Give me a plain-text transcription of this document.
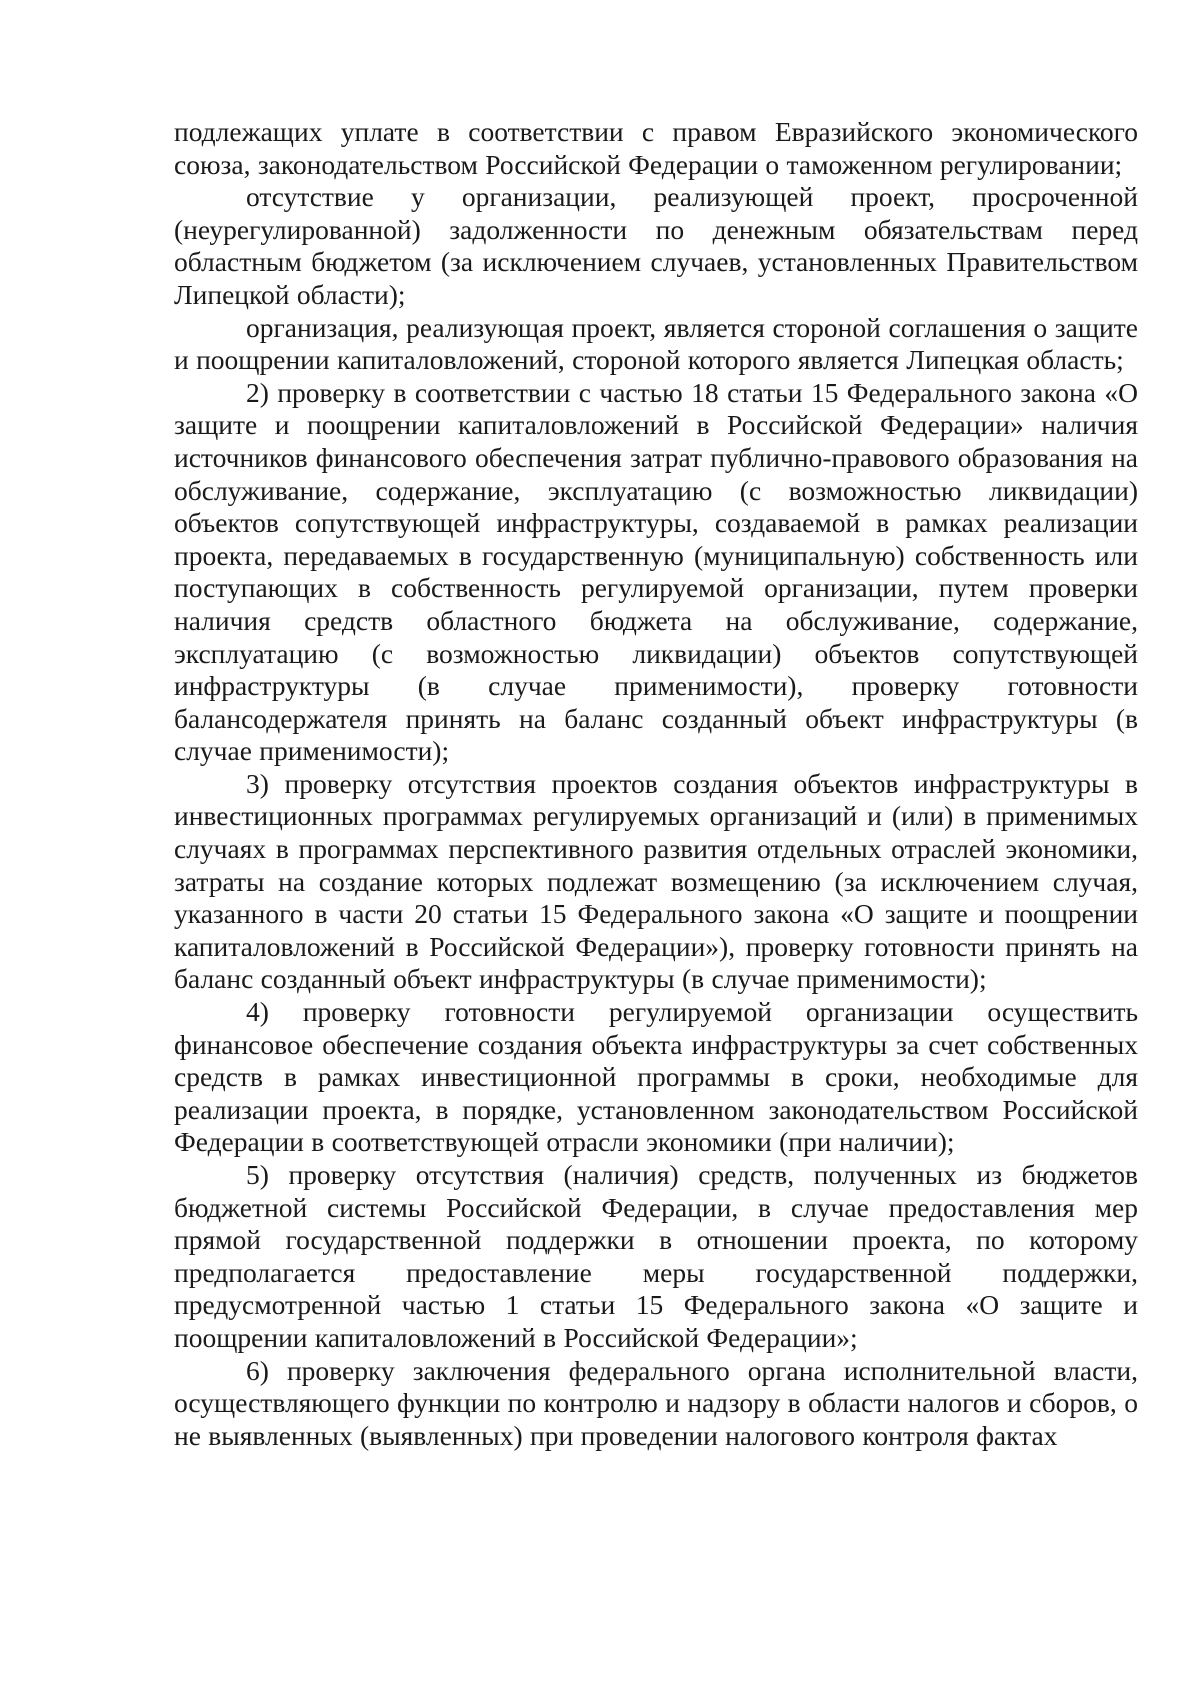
подлежащих уплате в соответствии с правом Евразийского экономического союза, законодательством Российской Федерации о таможенном регулировании;

отсутствие у организации, реализующей проект, просроченной (неурегулированной) задолженности по денежным обязательствам перед областным бюджетом (за исключением случаев, установленных Правительством Липецкой области);

организация, реализующая проект, является стороной соглашения о защите и поощрении капиталовложений, стороной которого является Липецкая область;

2) проверку в соответствии с частью 18 статьи 15 Федерального закона «О защите и поощрении капиталовложений в Российской Федерации» наличия источников финансового обеспечения затрат публично-правового образования на обслуживание, содержание, эксплуатацию (с возможностью ликвидации) объектов сопутствующей инфраструктуры, создаваемой в рамках реализации проекта, передаваемых в государственную (муниципальную) собственность или поступающих в собственность регулируемой организации, путем проверки наличия средств областного бюджета на обслуживание, содержание, эксплуатацию (с возможностью ликвидации) объектов сопутствующей инфраструктуры (в случае применимости), проверку готовности балансодержателя принять на баланс созданный объект инфраструктуры (в случае применимости);

3) проверку отсутствия проектов создания объектов инфраструктуры в инвестиционных программах регулируемых организаций и (или) в применимых случаях в программах перспективного развития отдельных отраслей экономики, затраты на создание которых подлежат возмещению (за исключением случая, указанного в части 20 статьи 15 Федерального закона «О защите и поощрении капиталовложений в Российской Федерации»), проверку готовности принять на баланс созданный объект инфраструктуры (в случае применимости);

4) проверку готовности регулируемой организации осуществить финансовое обеспечение создания объекта инфраструктуры за счет собственных средств в рамках инвестиционной программы в сроки, необходимые для реализации проекта, в порядке, установленном законодательством Российской Федерации в соответствующей отрасли экономики (при наличии);

5) проверку отсутствия (наличия) средств, полученных из бюджетов бюджетной системы Российской Федерации, в случае предоставления мер прямой государственной поддержки в отношении проекта, по которому предполагается предоставление меры государственной поддержки, предусмотренной частью 1 статьи 15 Федерального закона «О защите и поощрении капиталовложений в Российской Федерации»;

6) проверку заключения федерального органа исполнительной власти, осуществляющего функции по контролю и надзору в области налогов и сборов, о не выявленных (выявленных) при проведении налогового контроля фактах
